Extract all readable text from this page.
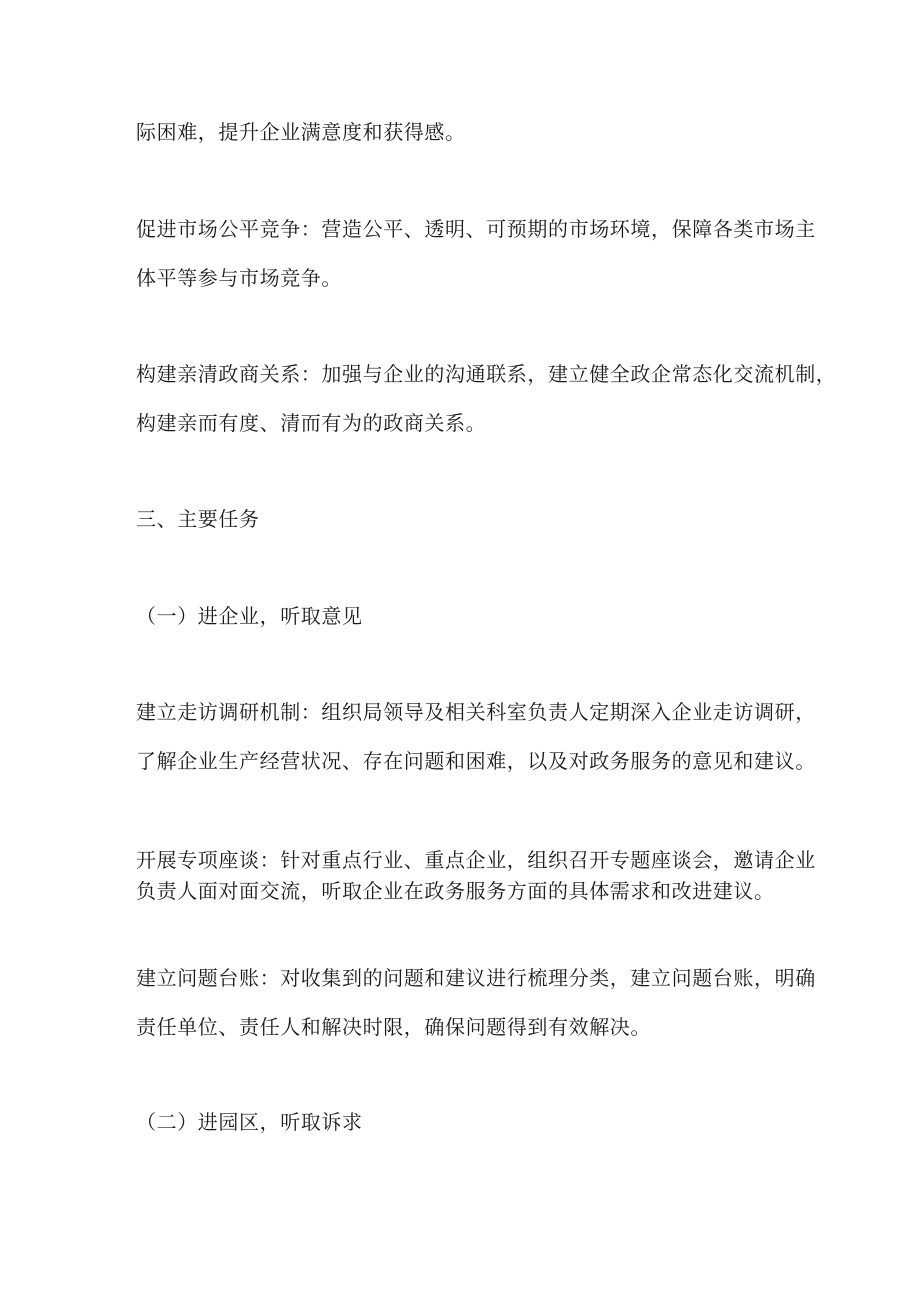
际困难，提升企业满意度和获得感。
促进市场公平竞争：营造公平、透明、可预期的市场环境，保障各类市场主
体平等参与市场竞争。
构建亲清政商关系：加强与企业的沟通联系，建立健全政企常态化交流机制，
构建亲而有度、清而有为的政商关系。
三、主要任务
（一）进企业，听取意见
建立走访调研机制：组织局领导及相关科室负责人定期深入企业走访调研，
了解企业生产经营状况、存在问题和困难，以及对政务服务的意见和建议。
开展专项座谈：针对重点行业、重点企业，组织召开专题座谈会，邀请企业
负责人面对面交流，听取企业在政务服务方面的具体需求和改进建议。
建立问题台账：对收集到的问题和建议进行梳理分类，建立问题台账，明确
责任单位、责任人和解决时限，确保问题得到有效解决。
（二）进园区，听取诉求
